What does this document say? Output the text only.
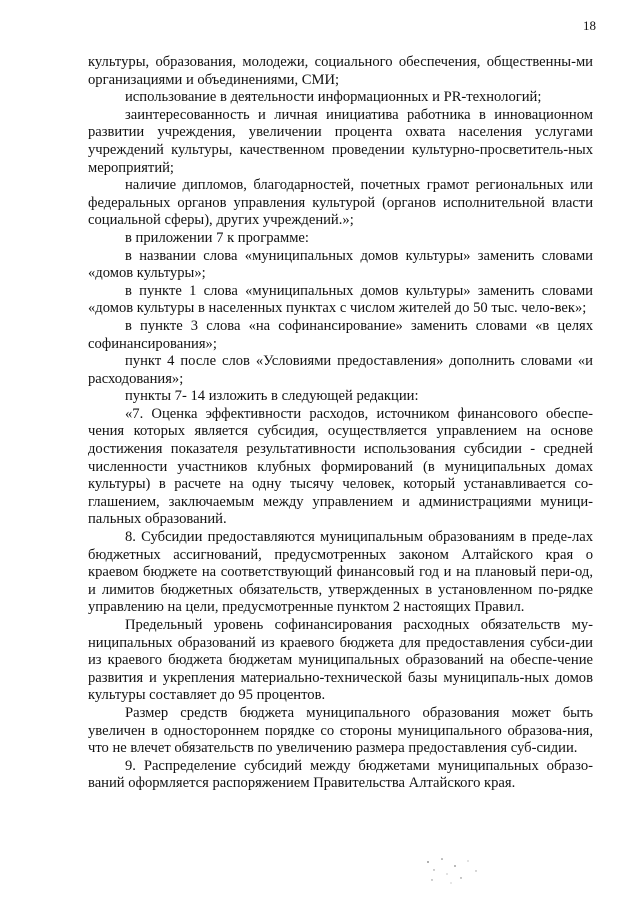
18

культуры, образования, молодежи, социального обеспечения, общественны-ми организациями и объединениями, СМИ;

использование в деятельности информационных и PR-технологий;

заинтересованность и личная инициатива работника в инновационном развитии учреждения, увеличении процента охвата населения услугами учреждений культуры, качественном проведении культурно-просветитель-ных мероприятий;

наличие дипломов, благодарностей, почетных грамот региональных или федеральных органов управления культурой (органов исполнительной власти социальной сферы), других учреждений.»;

в приложении 7 к программе:

в названии слова «муниципальных домов культуры» заменить словами «домов культуры»;

в пункте 1 слова «муниципальных домов культуры» заменить словами «домов культуры в населенных пунктах с числом жителей до 50 тыс. чело-век»;

в пункте 3 слова «на софинансирование» заменить словами «в целях софинансирования»;

пункт 4 после слов «Условиями предоставления» дополнить словами «и расходования»;

пункты 7- 14 изложить в следующей редакции:

«7. Оценка эффективности расходов, источником финансового обеспе-чения которых является субсидия, осуществляется управлением на основе достижения показателя результативности использования субсидии - средней численности участников клубных формирований (в муниципальных домах культуры) в расчете на одну тысячу человек, который устанавливается со-глашением, заключаемым между управлением и администрациями муници-пальных образований.

8. Субсидии предоставляются муниципальным образованиям в преде-лах бюджетных ассигнований, предусмотренных законом Алтайского края о краевом бюджете на соответствующий финансовый год и на плановый пери-од, и лимитов бюджетных обязательств, утвержденных в установленном по-рядке управлению на цели, предусмотренные пунктом 2 настоящих Правил.

Предельный уровень софинансирования расходных обязательств му-ниципальных образований из краевого бюджета для предоставления субси-дии из краевого бюджета бюджетам муниципальных образований на обеспе-чение развития и укрепления материально-технической базы муниципаль-ных домов культуры составляет до 95 процентов.

Размер средств бюджета муниципального образования может быть увеличен в одностороннем порядке со стороны муниципального образова-ния, что не влечет обязательств по увеличению размера предоставления суб-сидии.

9. Распределение субсидий между бюджетами муниципальных образо-ваний оформляется распоряжением Правительства Алтайского края.
